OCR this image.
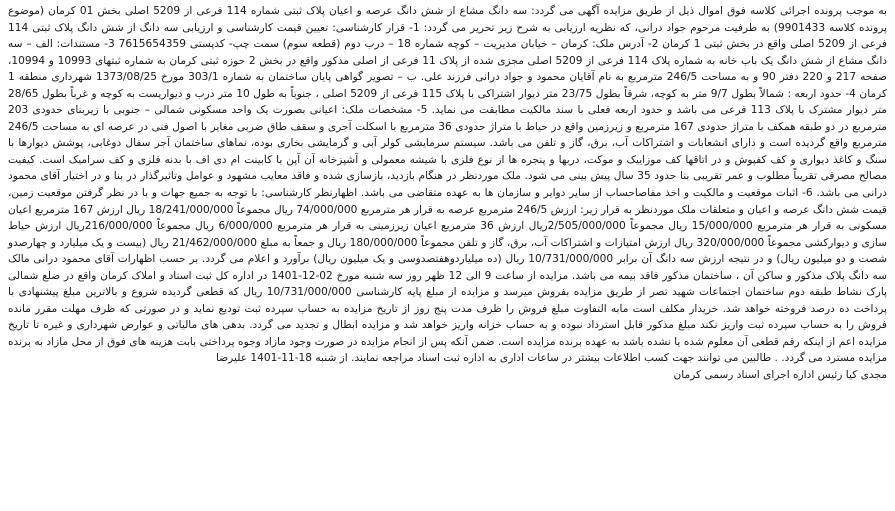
به موجب پرونده اجرائی کلاسه فوق اموال ذیل از طریق مزایده آگهی می گردد: سه دانگ مشاع از شش دانگ عرصه و اعیان پلاک ثبتی شماره 114 فرعی از 5209 اصلی بخش 01 کرمان (موضوع پرونده کلاسه 9901433) به طرفیت مرحوم جواد درانی، که نظریه ارزیابی به شرح زیر تحریر می گردد: 1- قرار کارشناسی: تعیین قیمت کارشناسی و ارزیابی سه دانگ از شش دانگ پلاک ثبتی 114 فرعی از 5209 اصلی واقع در بخش ثبتی 1 کرمان 2- آدرس ملک: کرمان – خیابان مدیریت – کوچه شماره 18 – درب دوم (قطعه سوم) سمت چپ- کدپستی 7615654359 3- مستندات: الف – سه دانگ مشاع از شش دانگ یک باب خانه به شماره پلاک 114 فرعی از 5209 اصلی مجزی شده از پلاک 11 فرعی از اصلی مذکور واقع در بخش 2 حوزه ثبتی کرمان به شماره ثبتهای 10993 و 10994، صفحه 217 و 220 دفتر 90 و به مساحت 246/5 مترمربع به نام آقایان محمود و جواد درانی فرزند علی. ب – تصویر گواهی پایان ساختمان به شماره 303/1 مورخ 1373/08/25 شهرداری منطقه 1 کرمان 4- حدود اربعه : شمالاً بطول 9/7 متر به کوچه، شرقاً بطول 23/75 متر دیوار اشتراکی با پلاک 115 فرعی از 5209 اصلی ، جنوباً به طول 10 متر درب و دیواریست به کوچه و غرباً بطول 28/65 متر دیوار مشترک با پلاک 113 فرعی می باشد و حدود اربعه فعلی با سند مالکیت مطابقت می نماید. 5- مشخصات ملک: اعیانی بصورت یک واحد مسکونی شمالی – جنوبی با زیربنای حدودی 203 مترمربع در دو طبقه همکف با متراژ حدودی 167 مترمربع و زیرزمین واقع در حیاط با متراژ حدودی 36 مترمربع با اسکلت آجری و سقف طاق ضربی مغایر با اصول فنی در عرصه ای به مساحت 246/5 مترمربع واقع گردیده است و دارای انشعابات و اشتراکات آب، برق، گاز و تلفن می باشد. سیستم سرمایشی کولر آبی و گرمایشی بخاری بوده، نماهای ساختمان آجر سفال دوغابی، پوشش دیوارها با سنگ و کاغذ دیواری و کف کفپوش و در اتاقها کف موزاییک و موکت، دربها و پنجره ها از نوع فلزی با شیشه معمولی و آشپزخانه آن آپن با کابینت ام دی اف با بدنه فلزی و کف سرامیک است. کیفیت مصالح مصرفی تقریباً مطلوب و عمر تقریبی بنا حدود 35 سال پیش بینی می شود. ملک موردنظر در هنگام بازدید، بازسازی شده و فاقد معایب مشهود و عوامل وتاثیرگذار در بنا و در اختیار آقای محمود درانی می باشد. 6- اثبات موقعیت و مالکیت و اخذ مفاصاحساب از سایر دوایر و سازمان ها به عهده متقاضی می باشد. اظهارنظر کارشناسی: با توجه به جمیع جهات و با در نظر گرفتن موقعیت زمین، قیمت شش دانگ عرصه و اعیان و متعلقات ملک موردنظر به قرار زیر: ارزش 246/5 مترمربع عرصه به قرار هر مترمربع 74/000/000 ریال مجموعاً 18/241/000/000 ریال ارزش 167 مترمربع اعیان مسکونی به قرار هر مترمربع 15/000/000 ریال مجموعاً 2/505/000/000ریال ارزش 36 مترمربع اعیان زیرزمینی به قرار هر مترمربع 6/000/000 ریال مجموعاً 216/000/000ریال ارزش حیاط سازی و دیوارکشی مجموعاً 320/000/000 ریال ارزش امتیازات و اشتراکات آب، برق، گاز و تلفن مجموعاً 180/000/000 ریال و جمعاً به مبلغ 21/462/000/000 ریال (بیست و یک میلیارد و چهارصدو شصت و دو میلیون ریال) و در نتیجه ارزش سه دانگ آن برابر 10/731/000/000 ریال (ده میلیاردوهفتصدوسی و یک میلیون ریال) برآورد و اعلام می گردد. بر حسب اظهارات آقای محمود درانی مالک سه دانگ پلاک مذکور و ساکن آن ، ساختمان مذکور فاقد بیمه می باشد. مزایده از ساعت 9 الی 12 ظهر روز سه شنبه مورخ 02-12-1401 در اداره کل ثبت اسناد و املاک کرمان واقع در ضلع شمالی پارک نشاط طبقه دوم ساختمان اجتماعات شهید تصر از طریق مزایده بفروش میرسد و مزایده از مبلغ پایه کارشناسی 10/731/000/000 ریال که قطعی گردیده شروع و بالاترین مبلغ پیشنهادی با پرداخت ده درصد فروخته خواهد شد. خریدار مکلف است مابه التفاوت مبلغ فروش را ظرف مدت پنج روز از تاریخ مزایده به حساب سپرده ثبت تودیع نماید و در صورتی که ظرف مهلت مقرر مانده فروش را به حساب سپرده ثبت واریز نکند مبلغ مذکور قابل استرداد نبوده و به حساب خزانه واریز خواهد شد و مزایده ابطال و تجدید می گردد. بدهی های مالیاتی و عوارض شهرداری و غیره تا تاریخ مزایده اعم از اینکه رقم قطعی آن معلوم شده یا نشده باشد به عهده برنده مزایده است. ضمن آنکه پس از انجام مزایده در صورت وجود مازاد وجوه پرداختی بابت هزینه های فوق از محل مازاد به برنده مزایده مسترد می گردد. . طالبین می توانند جهت کسب اطلاعات بیشتر در ساعات اداری به اداره ثبت اسناد مراجعه نمایند. از شنبه 18-11-1401 علیرضا

مجدی کیا رئیس اداره اجرای اسناد رسمی کرمان
